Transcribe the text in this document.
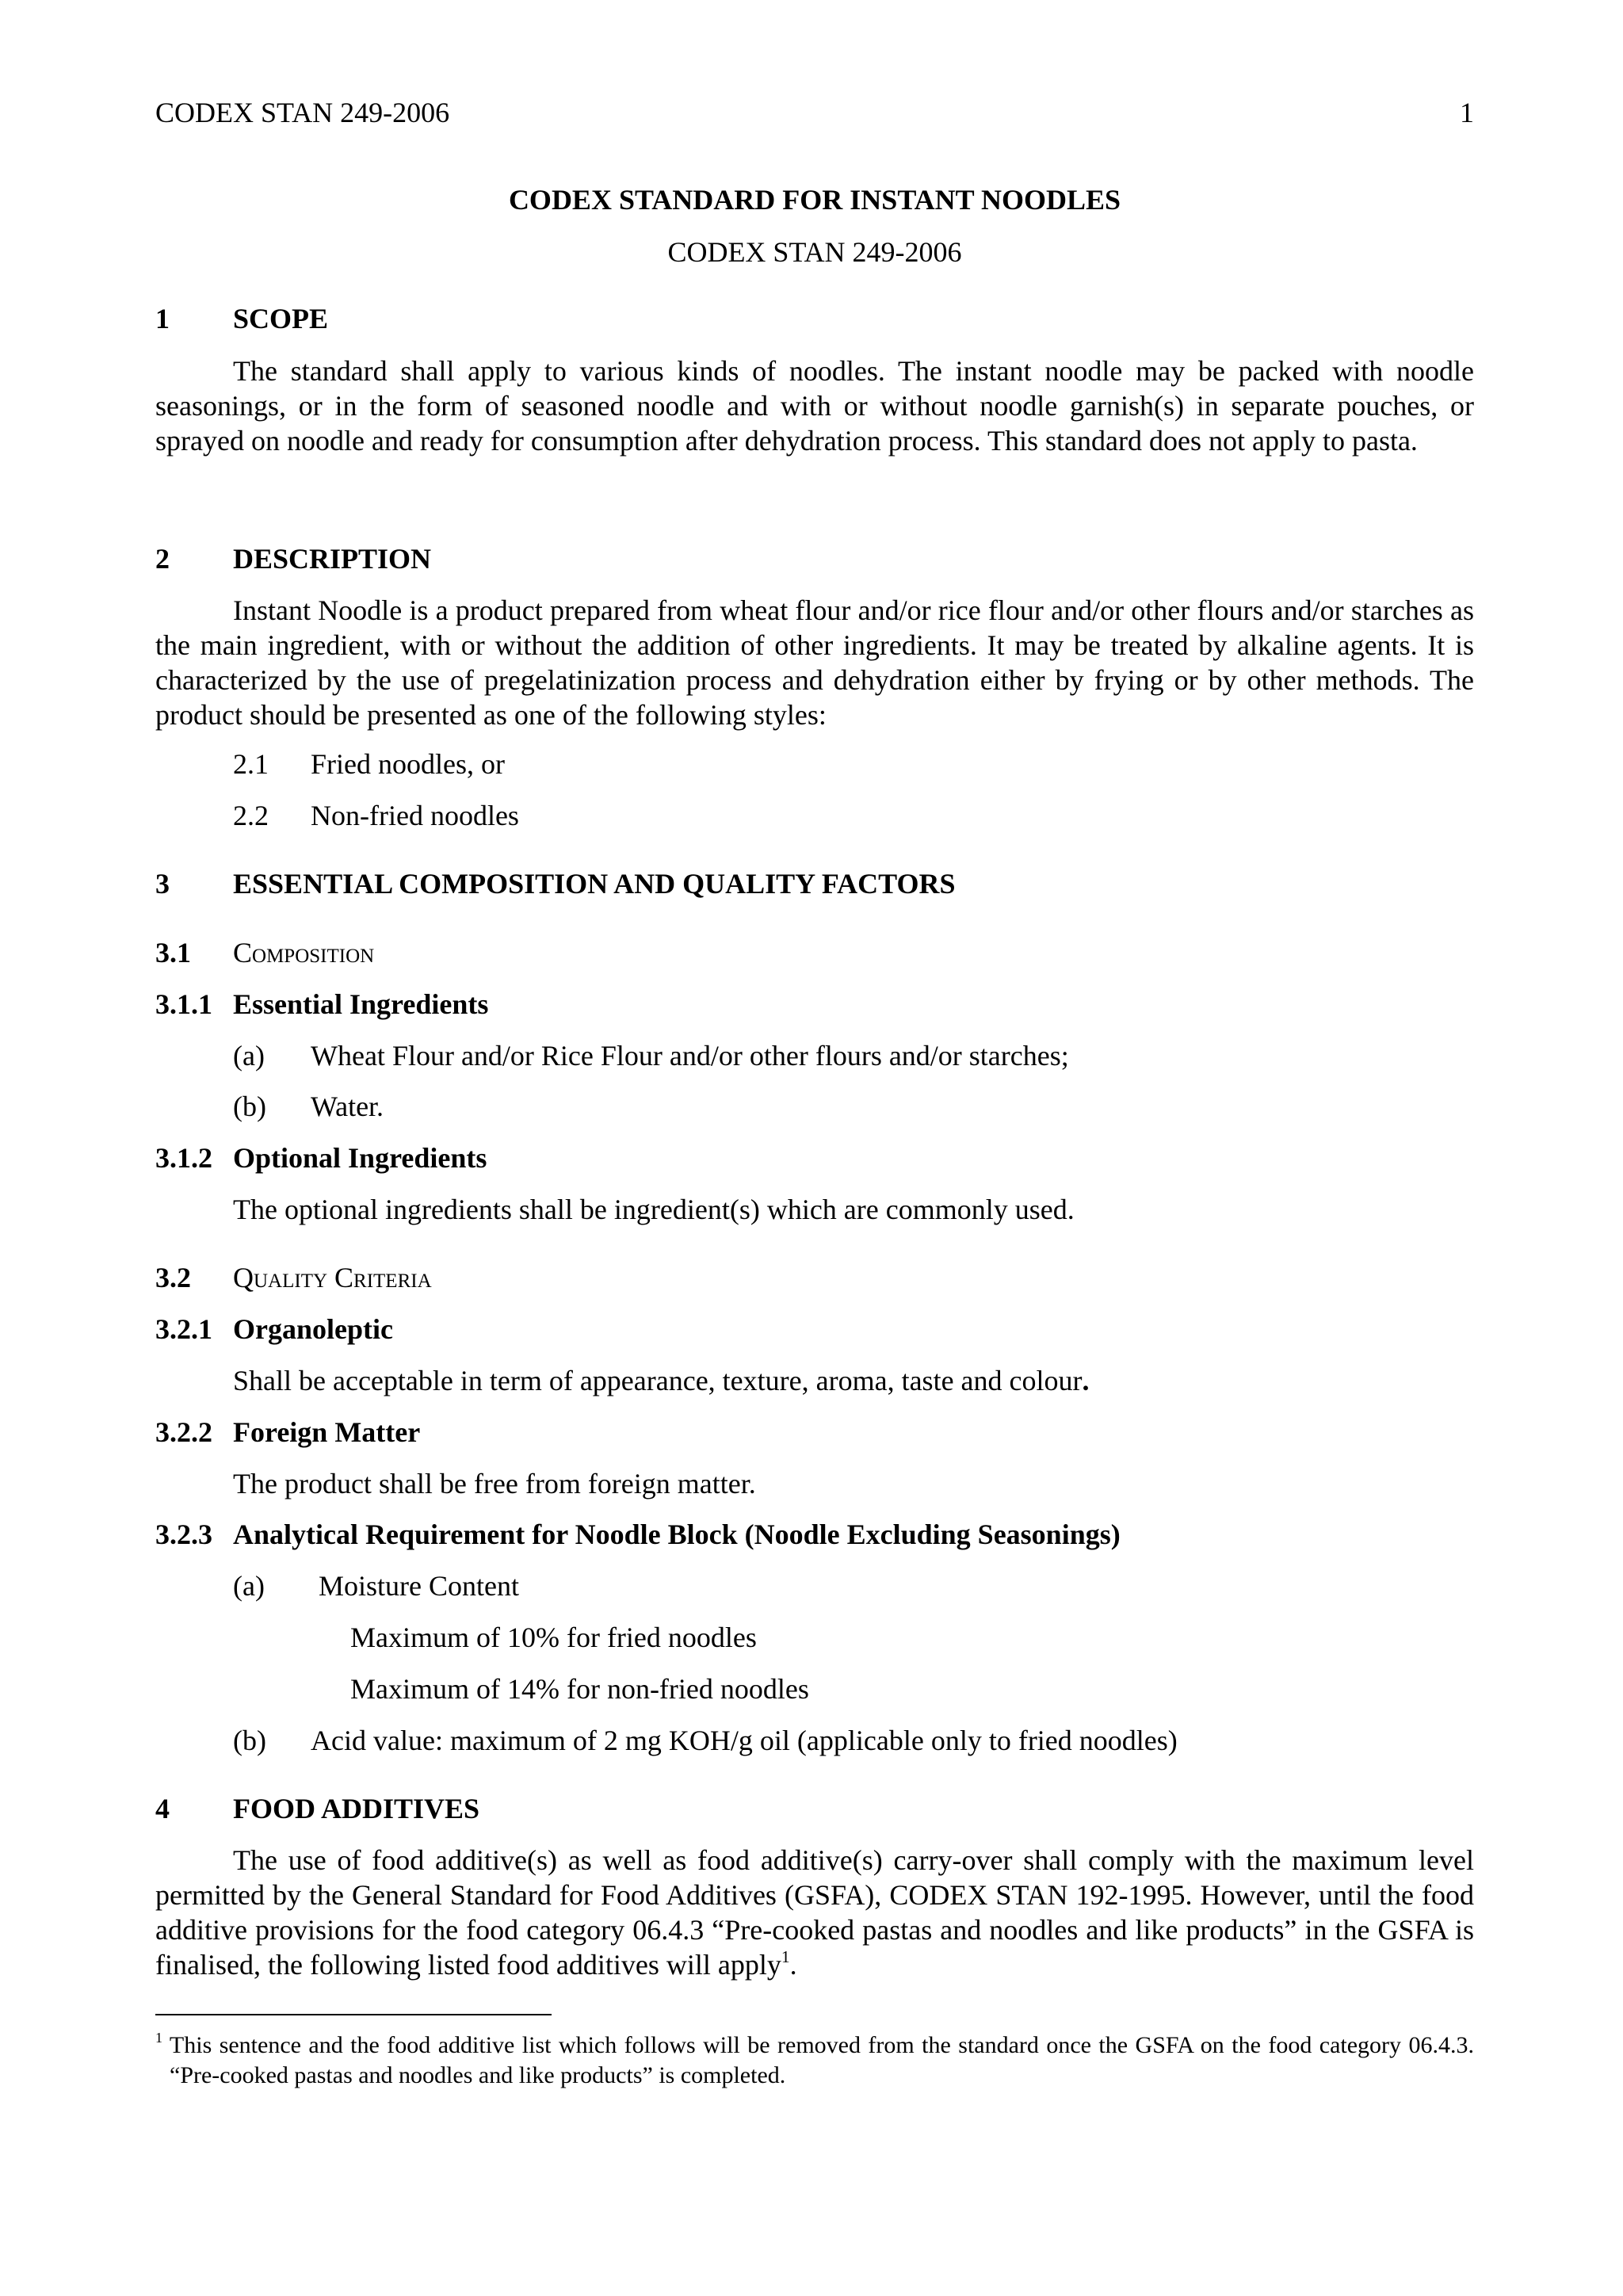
CODEX STAN 249-2006	1
CODEX STANDARD FOR INSTANT NOODLES
CODEX STAN 249-2006
1 SCOPE
The standard shall apply to various kinds of noodles. The instant noodle may be packed with noodle seasonings, or in the form of seasoned noodle and with or without noodle garnish(s) in separate pouches, or sprayed on noodle and ready for consumption after dehydration process. This standard does not apply to pasta.
2 DESCRIPTION
Instant Noodle is a product prepared from wheat flour and/or rice flour and/or other flours and/or starches as the main ingredient, with or without the addition of other ingredients. It may be treated by alkaline agents. It is characterized by the use of pregelatinization process and dehydration either by frying or by other methods. The product should be presented as one of the following styles:
2.1 Fried noodles, or
2.2 Non-fried noodles
3 ESSENTIAL COMPOSITION AND QUALITY FACTORS
3.1 Composition
3.1.1 Essential Ingredients
(a) Wheat Flour and/or Rice Flour and/or other flours and/or starches;
(b) Water.
3.1.2 Optional Ingredients
The optional ingredients shall be ingredient(s) which are commonly used.
3.2 Quality Criteria
3.2.1 Organoleptic
Shall be acceptable in term of appearance, texture, aroma, taste and colour.
3.2.2 Foreign Matter
The product shall be free from foreign matter.
3.2.3 Analytical Requirement for Noodle Block (Noodle Excluding Seasonings)
(a) Moisture Content
Maximum of 10% for fried noodles
Maximum of 14% for non-fried noodles
(b) Acid value: maximum of 2 mg KOH/g oil (applicable only to fried noodles)
4 FOOD ADDITIVES
The use of food additive(s) as well as food additive(s) carry-over shall comply with the maximum level permitted by the General Standard for Food Additives (GSFA), CODEX STAN 192-1995. However, until the food additive provisions for the food category 06.4.3 “Pre-cooked pastas and noodles and like products” in the GSFA is finalised, the following listed food additives will apply$^1$.
$^1$ This sentence and the food additive list which follows will be removed from the standard once the GSFA on the food category 06.4.3. “Pre-cooked pastas and noodles and like products” is completed.
